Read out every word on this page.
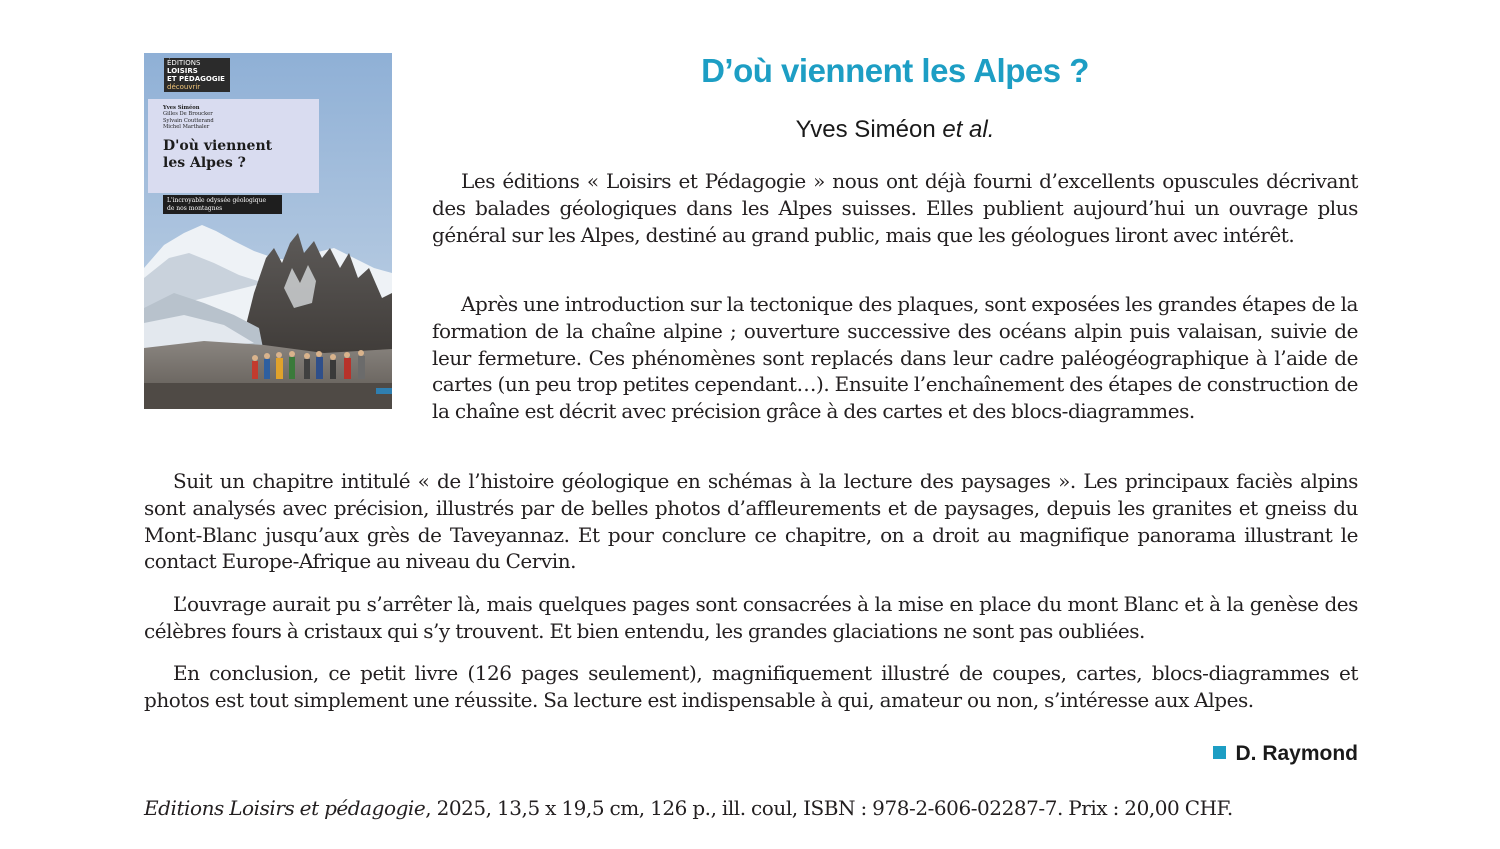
ÉDITIONS
LOISIRS
ET PÉDAGOGIE
découvrir
Yves Siméon
Gilles De Broucker
Sylvain Coutterand
Michel Marthaler
D'où viennent
les Alpes ?
L'incroyable odyssée géologique
de nos montagnes
D’où viennent les Alpes ?
Yves Siméon et al.

Les éditions « Loisirs et Pédagogie » nous ont déjà fourni d’excellents opuscules décrivant des balades géologiques dans les Alpes suisses. Elles publient aujourd’hui un ouvrage plus général sur les Alpes, destiné au grand public, mais que les géologues liront avec intérêt.

Après une introduction sur la tectonique des plaques, sont exposées les grandes étapes de la formation de la chaîne alpine ; ouverture successive des océans alpin puis valaisan, suivie de leur fermeture. Ces phénomènes sont replacés dans leur cadre paléogéographique à l’aide de cartes (un peu trop petites cependant…). Ensuite l’enchaînement des étapes de construction de la chaîne est décrit avec précision grâce à des cartes et des blocs-diagrammes.

Suit un chapitre intitulé « de l’histoire géologique en schémas à la lecture des paysages ». Les principaux faciès alpins sont analysés avec précision, illustrés par de belles photos d’affleurements et de paysages, depuis les granites et gneiss du Mont-Blanc jusqu’aux grès de Taveyannaz. Et pour conclure ce chapitre, on a droit au magnifique panorama illustrant le contact Europe-Afrique au niveau du Cervin.

L’ouvrage aurait pu s’arrêter là, mais quelques pages sont consacrées à la mise en place du mont Blanc et à la genèse des célèbres fours à cristaux qui s’y trouvent. Et bien entendu, les grandes glaciations ne sont pas oubliées.

En conclusion, ce petit livre (126 pages seulement), magnifiquement illustré de coupes, cartes, blocs-diagrammes et photos est tout simplement une réussite. Sa lecture est indispensable à qui, amateur ou non, s’intéresse aux Alpes.

D. Raymond

Editions Loisirs et pédagogie, 2025, 13,5 x 19,5 cm, 126 p., ill. coul, ISBN : 978-2-606-02287-7. Prix : 20,00 CHF.
